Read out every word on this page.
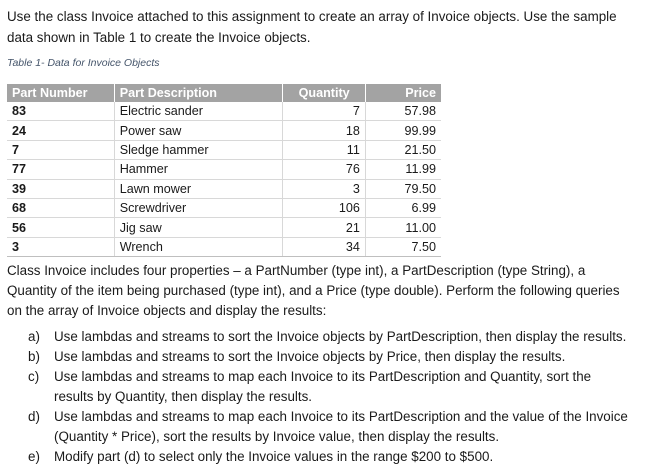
Use the class Invoice attached to this assignment to create an array of Invoice objects. Use the sample data shown in Table 1 to create the Invoice objects.

Table 1- Data for Invoice Objects
Part Number	Part Description	Quantity	Price
83	Electric sander	7	57.98
24	Power saw	18	99.99
7	Sledge hammer	11	21.50
77	Hammer	76	11.99
39	Lawn mower	3	79.50
68	Screwdriver	106	6.99
56	Jig saw	21	11.00
3	Wrench	34	7.50

Class Invoice includes four properties – a PartNumber (type int), a PartDescription (type String), a Quantity of the item being purchased (type int), and a Price (type double). Perform the following queries on the array of Invoice objects and display the results:

a) Use lambdas and streams to sort the Invoice objects by PartDescription, then display the results.
b) Use lambdas and streams to sort the Invoice objects by Price, then display the results.
c) Use lambdas and streams to map each Invoice to its PartDescription and Quantity, sort the results by Quantity, then display the results.
d) Use lambdas and streams to map each Invoice to its PartDescription and the value of the Invoice (Quantity * Price), sort the results by Invoice value, then display the results.
e) Modify part (d) to select only the Invoice values in the range $200 to $500.
